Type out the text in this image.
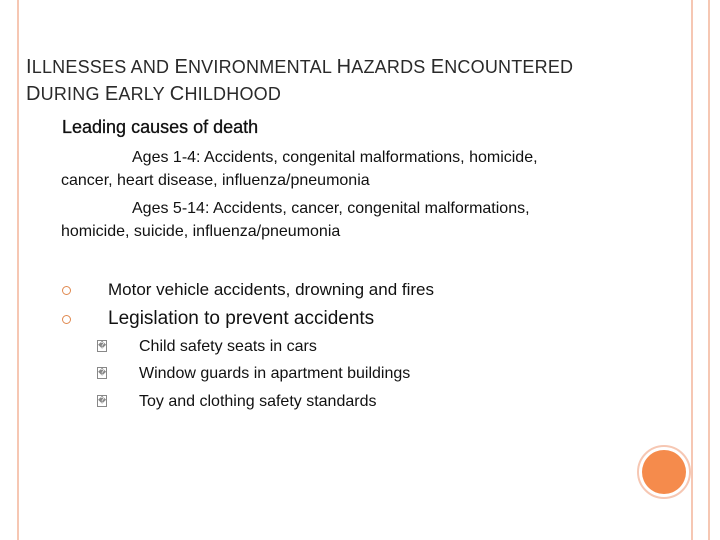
ILLNESSES AND ENVIRONMENTAL HAZARDS ENCOUNTERED
DURING EARLY CHILDHOOD
Leading causes of death
Ages 1-4: Accidents, congenital malformations, homicide,
cancer, heart disease, influenza/pneumonia
Ages 5-14: Accidents, cancer, congenital malformations,
homicide, suicide, influenza/pneumonia
Motor vehicle accidents, drowning and fires
Legislation to prevent accidents
� Child safety seats in cars
� Window guards in apartment buildings
� Toy and clothing safety standards
